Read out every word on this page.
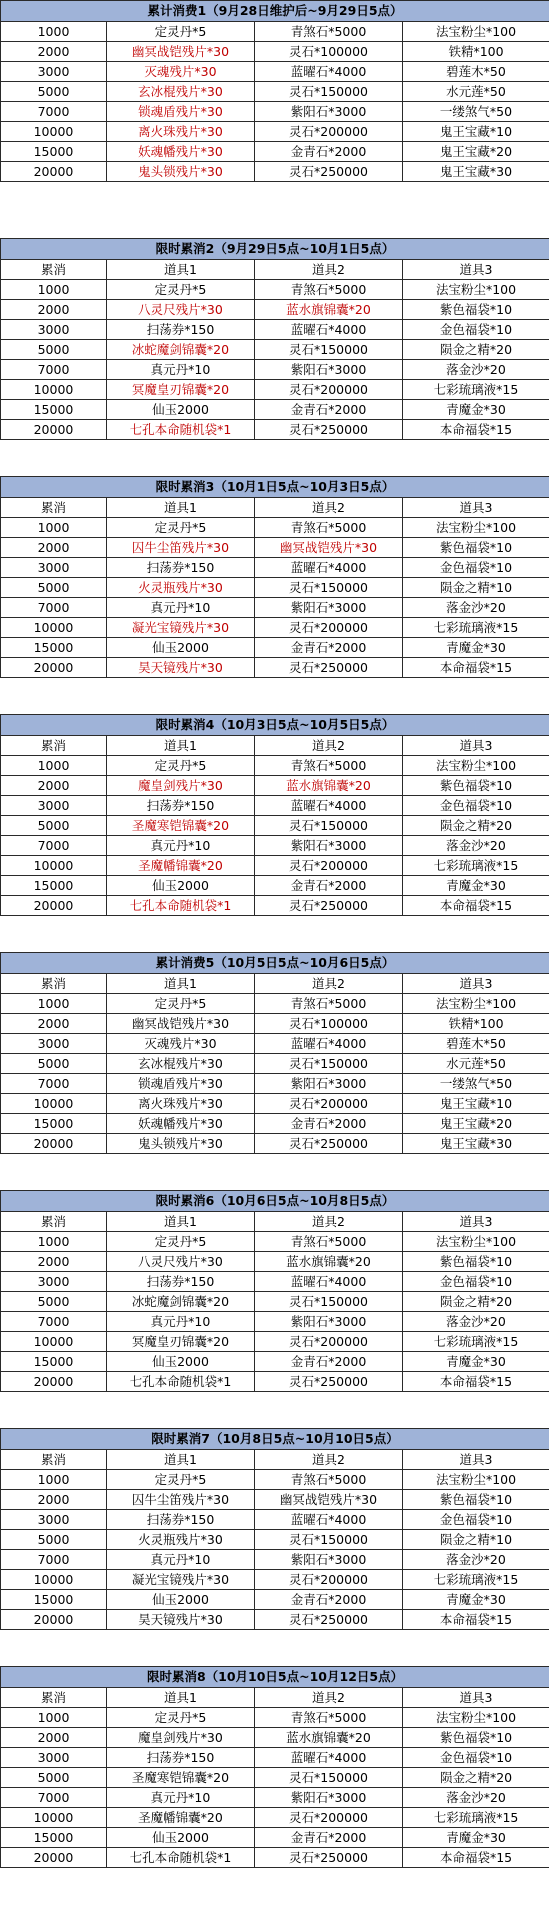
累计消费1（9月28日维护后~9月29日5点）			
1000	定灵丹*5	青煞石*5000	法宝粉尘*100
2000	幽冥战铠残片*30	灵石*100000	铁精*100
3000	灭魂残片*30	蓝曜石*4000	碧莲木*50
5000	玄冰棍残片*30	灵石*150000	水元莲*50
7000	锁魂盾残片*30	紫阳石*3000	一缕煞气*50
10000	离火珠残片*30	灵石*200000	鬼王宝藏*10
15000	妖魂幡残片*30	金青石*2000	鬼王宝藏*20
20000	鬼头锁残片*30	灵石*250000	鬼王宝藏*30
限时累消2（9月29日5点~10月1日5点）			
累消	道具1	道具2	道具3
1000	定灵丹*5	青煞石*5000	法宝粉尘*100
2000	八灵尺残片*30	蓝水旗锦囊*20	紫色福袋*10
3000	扫荡券*150	蓝曜石*4000	金色福袋*10
5000	冰蛇魔剑锦囊*20	灵石*150000	陨金之精*20
7000	真元丹*10	紫阳石*3000	落金沙*20
10000	冥魔皇刃锦囊*20	灵石*200000	七彩琉璃液*15
15000	仙玉2000	金青石*2000	青魔金*30
20000	七孔本命随机袋*1	灵石*250000	本命福袋*15
限时累消3（10月1日5点~10月3日5点）			
累消	道具1	道具2	道具3
1000	定灵丹*5	青煞石*5000	法宝粉尘*100
2000	囚牛尘笛残片*30	幽冥战铠残片*30	紫色福袋*10
3000	扫荡券*150	蓝曜石*4000	金色福袋*10
5000	火灵瓶残片*30	灵石*150000	陨金之精*10
7000	真元丹*10	紫阳石*3000	落金沙*20
10000	凝光宝镜残片*30	灵石*200000	七彩琉璃液*15
15000	仙玉2000	金青石*2000	青魔金*30
20000	昊天镜残片*30	灵石*250000	本命福袋*15
限时累消4（10月3日5点~10月5日5点）			
累消	道具1	道具2	道具3
1000	定灵丹*5	青煞石*5000	法宝粉尘*100
2000	魔皇剑残片*30	蓝水旗锦囊*20	紫色福袋*10
3000	扫荡券*150	蓝曜石*4000	金色福袋*10
5000	圣魔寒铠锦囊*20	灵石*150000	陨金之精*20
7000	真元丹*10	紫阳石*3000	落金沙*20
10000	圣魔幡锦囊*20	灵石*200000	七彩琉璃液*15
15000	仙玉2000	金青石*2000	青魔金*30
20000	七孔本命随机袋*1	灵石*250000	本命福袋*15
累计消费5（10月5日5点~10月6日5点）			
累消	道具1	道具2	道具3
1000	定灵丹*5	青煞石*5000	法宝粉尘*100
2000	幽冥战铠残片*30	灵石*100000	铁精*100
3000	灭魂残片*30	蓝曜石*4000	碧莲木*50
5000	玄冰棍残片*30	灵石*150000	水元莲*50
7000	锁魂盾残片*30	紫阳石*3000	一缕煞气*50
10000	离火珠残片*30	灵石*200000	鬼王宝藏*10
15000	妖魂幡残片*30	金青石*2000	鬼王宝藏*20
20000	鬼头锁残片*30	灵石*250000	鬼王宝藏*30
限时累消6（10月6日5点~10月8日5点）			
累消	道具1	道具2	道具3
1000	定灵丹*5	青煞石*5000	法宝粉尘*100
2000	八灵尺残片*30	蓝水旗锦囊*20	紫色福袋*10
3000	扫荡券*150	蓝曜石*4000	金色福袋*10
5000	冰蛇魔剑锦囊*20	灵石*150000	陨金之精*20
7000	真元丹*10	紫阳石*3000	落金沙*20
10000	冥魔皇刃锦囊*20	灵石*200000	七彩琉璃液*15
15000	仙玉2000	金青石*2000	青魔金*30
20000	七孔本命随机袋*1	灵石*250000	本命福袋*15
限时累消7（10月8日5点~10月10日5点）			
累消	道具1	道具2	道具3
1000	定灵丹*5	青煞石*5000	法宝粉尘*100
2000	囚牛尘笛残片*30	幽冥战铠残片*30	紫色福袋*10
3000	扫荡券*150	蓝曜石*4000	金色福袋*10
5000	火灵瓶残片*30	灵石*150000	陨金之精*10
7000	真元丹*10	紫阳石*3000	落金沙*20
10000	凝光宝镜残片*30	灵石*200000	七彩琉璃液*15
15000	仙玉2000	金青石*2000	青魔金*30
20000	昊天镜残片*30	灵石*250000	本命福袋*15
限时累消8（10月10日5点~10月12日5点）			
累消	道具1	道具2	道具3
1000	定灵丹*5	青煞石*5000	法宝粉尘*100
2000	魔皇剑残片*30	蓝水旗锦囊*20	紫色福袋*10
3000	扫荡券*150	蓝曜石*4000	金色福袋*10
5000	圣魔寒铠锦囊*20	灵石*150000	陨金之精*20
7000	真元丹*10	紫阳石*3000	落金沙*20
10000	圣魔幡锦囊*20	灵石*200000	七彩琉璃液*15
15000	仙玉2000	金青石*2000	青魔金*30
20000	七孔本命随机袋*1	灵石*250000	本命福袋*15
